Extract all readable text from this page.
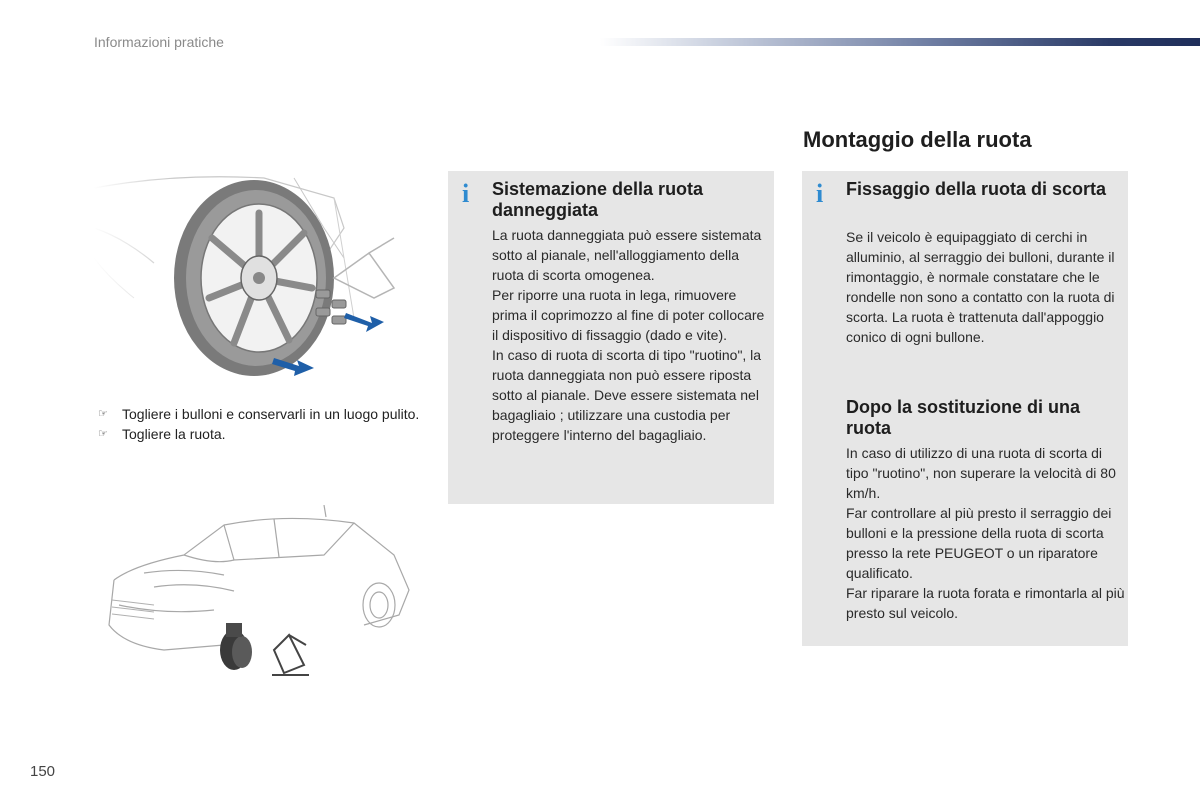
Informazioni pratiche
☞ Togliere i bulloni e conservarli in un luogo pulito.
☞ Togliere la ruota.
Montaggio della ruota
i Sistemazione della ruota danneggiata

La ruota danneggiata può essere sistemata sotto al pianale, nell'alloggiamento della ruota di scorta omogenea.

Per riporre una ruota in lega, rimuovere prima il coprimozzo al fine di poter collocare il dispositivo di fissaggio (dado e vite).

In caso di ruota di scorta di tipo "ruotino", la ruota danneggiata non può essere riposta sotto al pianale. Deve essere sistemata nel bagagliaio ; utilizzare una custodia per proteggere l'interno del bagagliaio.

i Fissaggio della ruota di scorta

Se il veicolo è equipaggiato di cerchi in alluminio, al serraggio dei bulloni, durante il rimontaggio, è normale constatare che le rondelle non sono a contatto con la ruota di scorta. La ruota è trattenuta dall'appoggio conico di ogni bullone.

Dopo la sostituzione di una ruota

In caso di utilizzo di una ruota di scorta di tipo "ruotino", non superare la velocità di 80 km/h.

Far controllare al più presto il serraggio dei bulloni e la pressione della ruota di scorta presso la rete PEUGEOT o un riparatore qualificato.

Far riparare la ruota forata e rimontarla al più presto sul veicolo.

150
